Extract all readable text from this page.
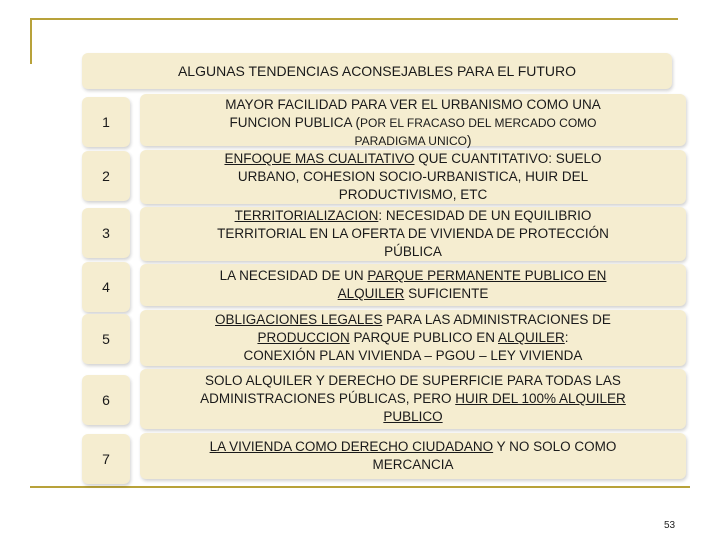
ALGUNAS TENDENCIAS ACONSEJABLES PARA EL FUTURO
1
MAYOR FACILIDAD PARA VER EL URBANISMO COMO UNA
FUNCION PUBLICA (POR EL FRACASO DEL MERCADO COMO
PARADIGMA UNICO)
2
ENFOQUE MAS CUALITATIVO QUE CUANTITATIVO: SUELO
URBANO, COHESION SOCIO-URBANISTICA, HUIR DEL
PRODUCTIVISMO, ETC
3
TERRITORIALIZACION: NECESIDAD DE UN EQUILIBRIO
TERRITORIAL EN LA OFERTA DE VIVIENDA DE PROTECCIÓN
PÚBLICA
4
LA NECESIDAD DE UN PARQUE PERMANENTE PUBLICO EN
ALQUILER SUFICIENTE
5
OBLIGACIONES LEGALES PARA LAS ADMINISTRACIONES DE
PRODUCCION PARQUE PUBLICO EN ALQUILER:
CONEXIÓN PLAN VIVIENDA – PGOU – LEY VIVIENDA
6
SOLO ALQUILER Y DERECHO DE SUPERFICIE PARA TODAS LAS
ADMINISTRACIONES PÚBLICAS, PERO HUIR DEL 100% ALQUILER
PUBLICO
7
LA VIVIENDA COMO DERECHO CIUDADANO Y NO SOLO COMO
MERCANCIA
53
